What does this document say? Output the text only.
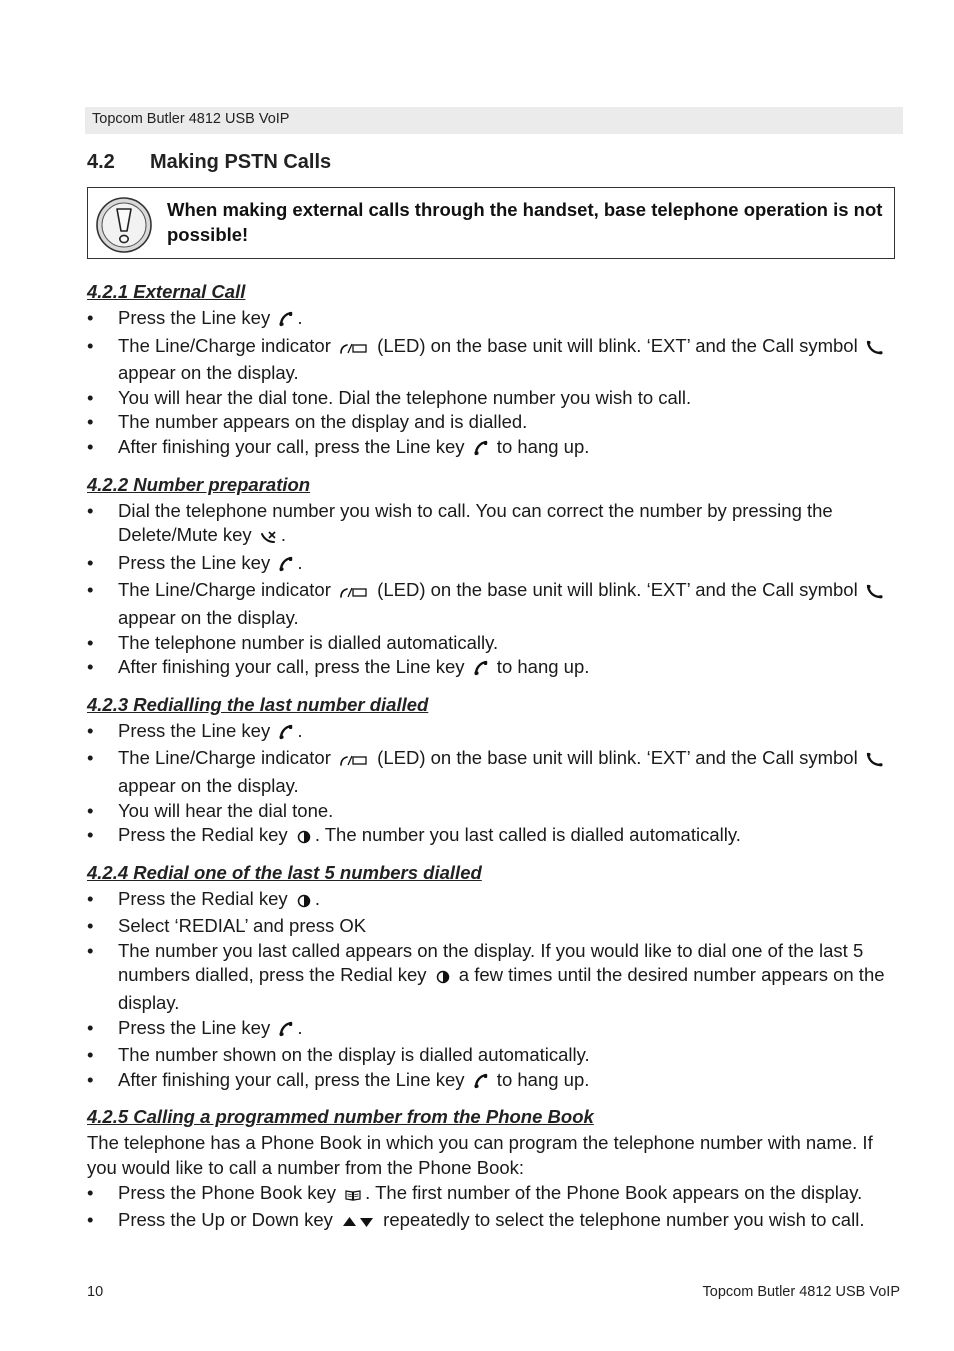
Topcom Butler 4812 USB VoIP
4.2 Making PSTN Calls
When making external calls through the handset, base telephone operation is not possible!

4.2.1 External Call

• Press the Line key .
• The Line/Charge indicator  (LED) on the base unit will blink. ‘EXT’ and the Call symbol  appear on the display.
• You will hear the dial tone. Dial the telephone number you wish to call.
• The number appears on the display and is dialled.
• After finishing your call, press the Line key  to hang up.

4.2.2 Number preparation

• Dial the telephone number you wish to call. You can correct the number by pressing the Delete/Mute key .
• Press the Line key .
• The Line/Charge indicator  (LED) on the base unit will blink. ‘EXT’ and the Call symbol  appear on the display.
• The telephone number is dialled automatically.
• After finishing your call, press the Line key  to hang up.

4.2.3 Redialling the last number dialled

• Press the Line key .
• The Line/Charge indicator  (LED) on the base unit will blink. ‘EXT’ and the Call symbol  appear on the display.
• You will hear the dial tone.
• Press the Redial key . The number you last called is dialled automatically.

4.2.4 Redial one of the last 5 numbers dialled

• Press the Redial key .
• Select ‘REDIAL’ and press OK
• The number you last called appears on the display. If you would like to dial one of the last 5 numbers dialled, press the Redial key  a few times until the desired number appears on the display.
• Press the Line key .
• The number shown on the display is dialled automatically.
• After finishing your call, press the Line key  to hang up.

4.2.5 Calling a programmed number from the Phone Book

The telephone has a Phone Book in which you can program the telephone number with name. If you would like to call a number from the Phone Book:

• Press the Phone Book key . The first number of the Phone Book appears on the display.
• Press the Up or Down key  repeatedly to select the telephone number you wish to call.
10	Topcom Butler 4812 USB VoIP
